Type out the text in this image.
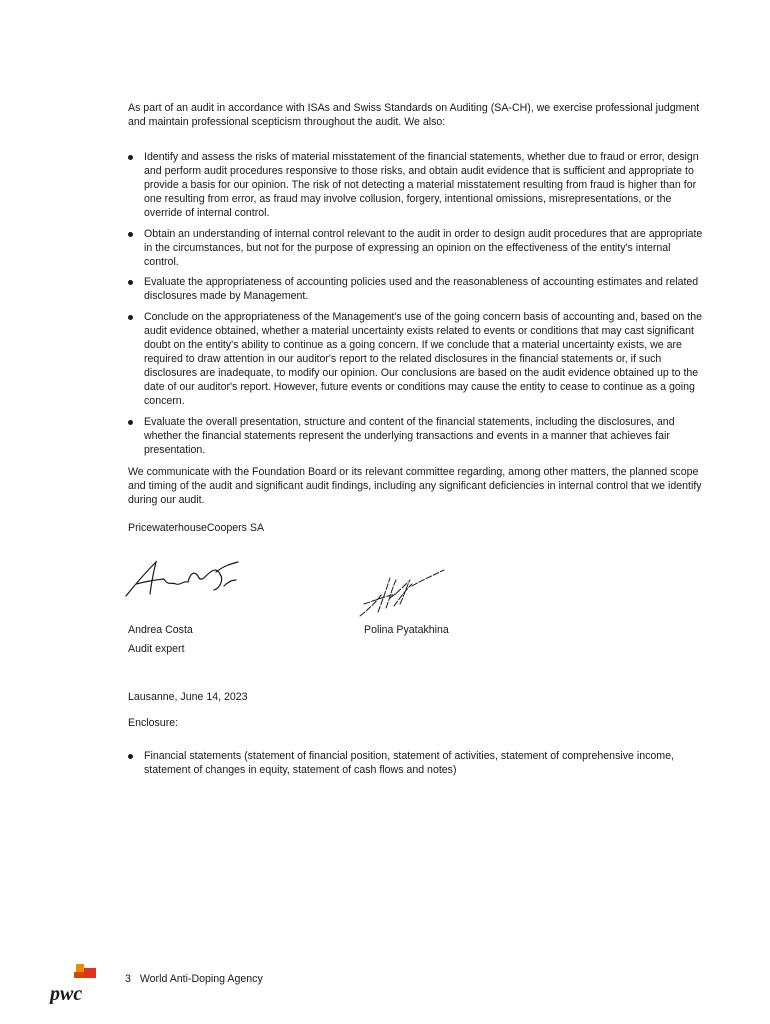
As part of an audit in accordance with ISAs and Swiss Standards on Auditing (SA-CH), we exercise professional judgment and maintain professional scepticism throughout the audit. We also:

Identify and assess the risks of material misstatement of the financial statements, whether due to fraud or error, design and perform audit procedures responsive to those risks, and obtain audit evidence that is sufficient and appropriate to provide a basis for our opinion. The risk of not detecting a material misstatement resulting from fraud is higher than for one resulting from error, as fraud may involve collusion, forgery, intentional omissions, misrepresentations, or the override of internal control.
Obtain an understanding of internal control relevant to the audit in order to design audit procedures that are appropriate in the circumstances, but not for the purpose of expressing an opinion on the effectiveness of the entity's internal control.
Evaluate the appropriateness of accounting policies used and the reasonableness of accounting estimates and related disclosures made by Management.
Conclude on the appropriateness of the Management's use of the going concern basis of accounting and, based on the audit evidence obtained, whether a material uncertainty exists related to events or conditions that may cast significant doubt on the entity's ability to continue as a going concern. If we conclude that a material uncertainty exists, we are required to draw attention in our auditor's report to the related disclosures in the financial statements or, if such disclosures are inadequate, to modify our opinion. Our conclusions are based on the audit evidence obtained up to the date of our auditor's report. However, future events or conditions may cause the entity to cease to continue as a going concern.
Evaluate the overall presentation, structure and content of the financial statements, including the disclosures, and whether the financial statements represent the underlying transactions and events in a manner that achieves fair presentation.

We communicate with the Foundation Board or its relevant committee regarding, among other matters, the planned scope and timing of the audit and significant audit findings, including any significant deficiencies in internal control that we identify during our audit.

PricewaterhouseCoopers SA
Andrea Costa
Audit expert
Polina Pyatakhina
Lausanne, June 14, 2023
Enclosure:
Financial statements (statement of financial position, statement of activities, statement of comprehensive income, statement of changes in equity, statement of cash flows and notes)
pwc
3 World Anti-Doping Agency
